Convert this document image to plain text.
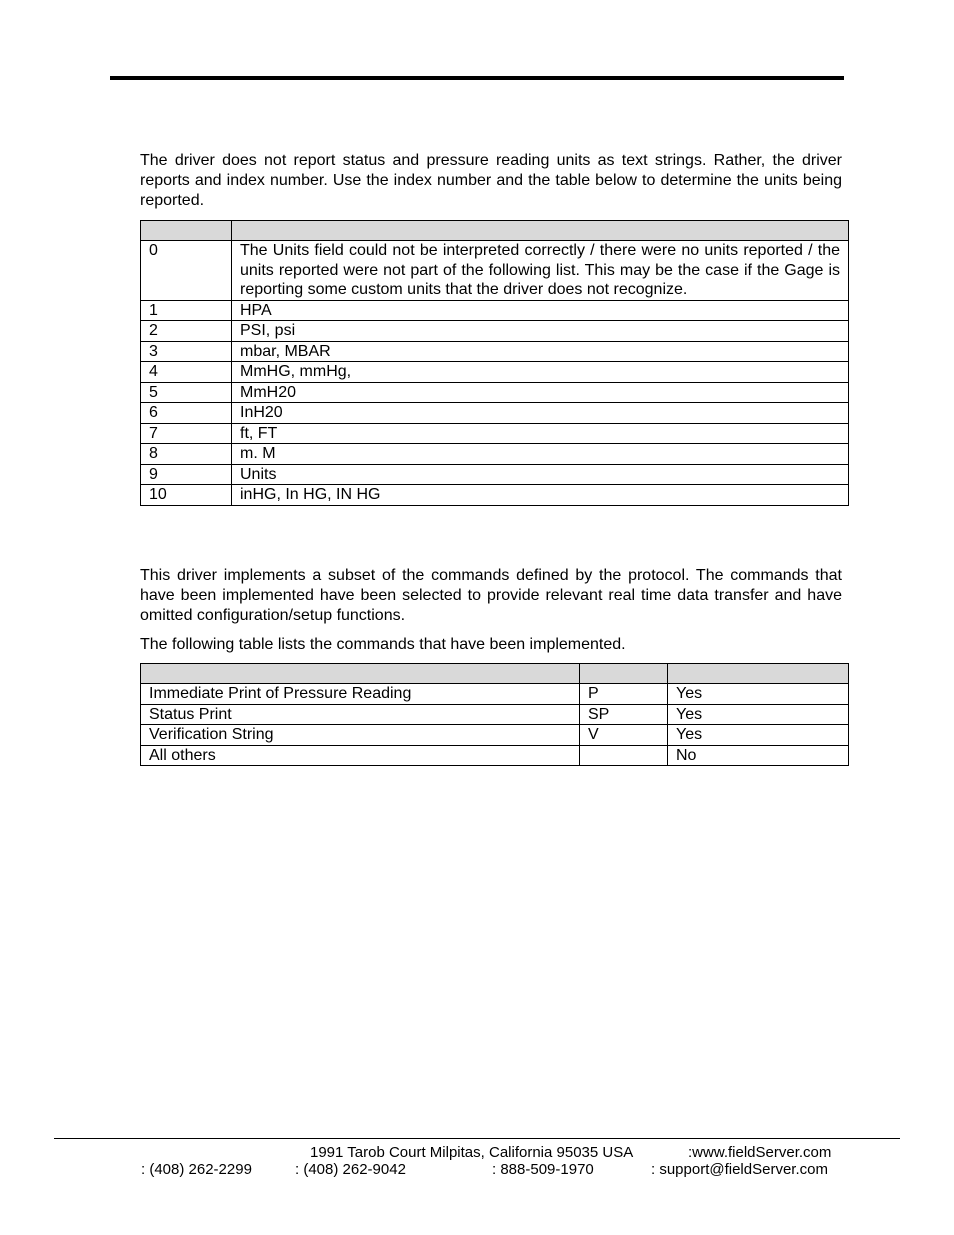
The driver does not report status and pressure reading units as text strings. Rather, the driver reports and index number. Use the index number and the table below to determine the units being reported.

0	The Units field could not be interpreted correctly / there were no units reported / the units reported were not part of the following list. This may be the case if the Gage is reporting some custom units that the driver does not recognize.
1	HPA
2	PSI, psi
3	mbar, MBAR
4	MmHG, mmHg,
5	MmH20
6	InH20
7	ft, FT
8	m. M
9	Units
10	inHG, In HG, IN HG

This driver implements a subset of the commands defined by the protocol. The commands that have been implemented have been selected to provide relevant real time data transfer and have omitted configuration/setup functions.

The following table lists the commands that have been implemented.

Immediate Print of Pressure Reading	P	Yes
Status Print	SP	Yes
Verification String	V	Yes
All others		No
1991 Tarob Court Milpitas, California 95035 USA	:www.fieldServer.com
: (408) 262-2299	: (408) 262-9042	: 888-509-1970	: support@fieldServer.com
